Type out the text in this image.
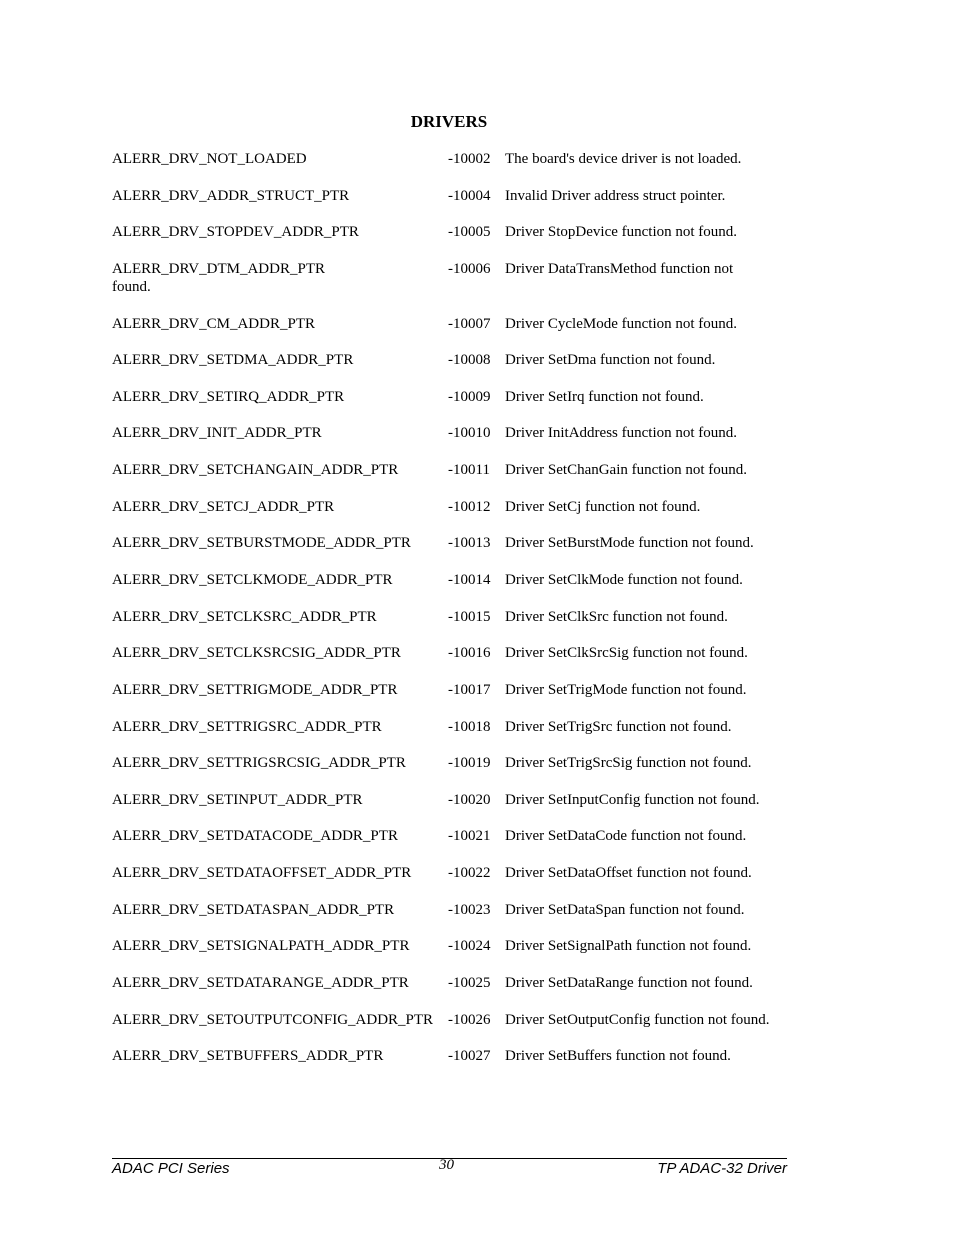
DRIVERS
ALERR_DRV_NOT_LOADED	-10002 The board's device driver is not loaded.
ALERR_DRV_ADDR_STRUCT_PTR	-10004 Invalid Driver address struct pointer.
ALERR_DRV_STOPDEV_ADDR_PTR	-10005 Driver StopDevice function not found.
ALERR_DRV_DTM_ADDR_PTR	-10006 Driver DataTransMethod function not
found.
ALERR_DRV_CM_ADDR_PTR	-10007 Driver CycleMode function not found.
ALERR_DRV_SETDMA_ADDR_PTR	-10008 Driver SetDma function not found.
ALERR_DRV_SETIRQ_ADDR_PTR	-10009 Driver SetIrq function not found.
ALERR_DRV_INIT_ADDR_PTR	-10010 Driver InitAddress function not found.
ALERR_DRV_SETCHANGAIN_ADDR_PTR	-10011 Driver SetChanGain function not found.
ALERR_DRV_SETCJ_ADDR_PTR	-10012 Driver SetCj function not found.
ALERR_DRV_SETBURSTMODE_ADDR_PTR -10013 Driver SetBurstMode function not found.
ALERR_DRV_SETCLKMODE_ADDR_PTR	-10014 Driver SetClkMode function not found.
ALERR_DRV_SETCLKSRC_ADDR_PTR	-10015 Driver SetClkSrc function not found.
ALERR_DRV_SETCLKSRCSIG_ADDR_PTR	-10016 Driver SetClkSrcSig function not found.
ALERR_DRV_SETTRIGMODE_ADDR_PTR	-10017 Driver SetTrigMode function not found.
ALERR_DRV_SETTRIGSRC_ADDR_PTR	-10018 Driver SetTrigSrc function not found.
ALERR_DRV_SETTRIGSRCSIG_ADDR_PTR	-10019 Driver SetTrigSrcSig function not found.
ALERR_DRV_SETINPUT_ADDR_PTR	-10020 Driver SetInputConfig function not found.
ALERR_DRV_SETDATACODE_ADDR_PTR	-10021 Driver SetDataCode function not found.
ALERR_DRV_SETDATAOFFSET_ADDR_PTR -10022 Driver SetDataOffset function not found.
ALERR_DRV_SETDATASPAN_ADDR_PTR	-10023 Driver SetDataSpan function not found.
ALERR_DRV_SETSIGNALPATH_ADDR_PTR	-10024 Driver SetSignalPath function not found.
ALERR_DRV_SETDATARANGE_ADDR_PTR	-10025 Driver SetDataRange function not found.
ALERR_DRV_SETOUTPUTCONFIG_ADDR_PTR -10026 Driver SetOutputConfig function not found.
ALERR_DRV_SETBUFFERS_ADDR_PTR	-10027 Driver SetBuffers function not found.
ADAC PCI Series	30	TP ADAC-32 Driver
